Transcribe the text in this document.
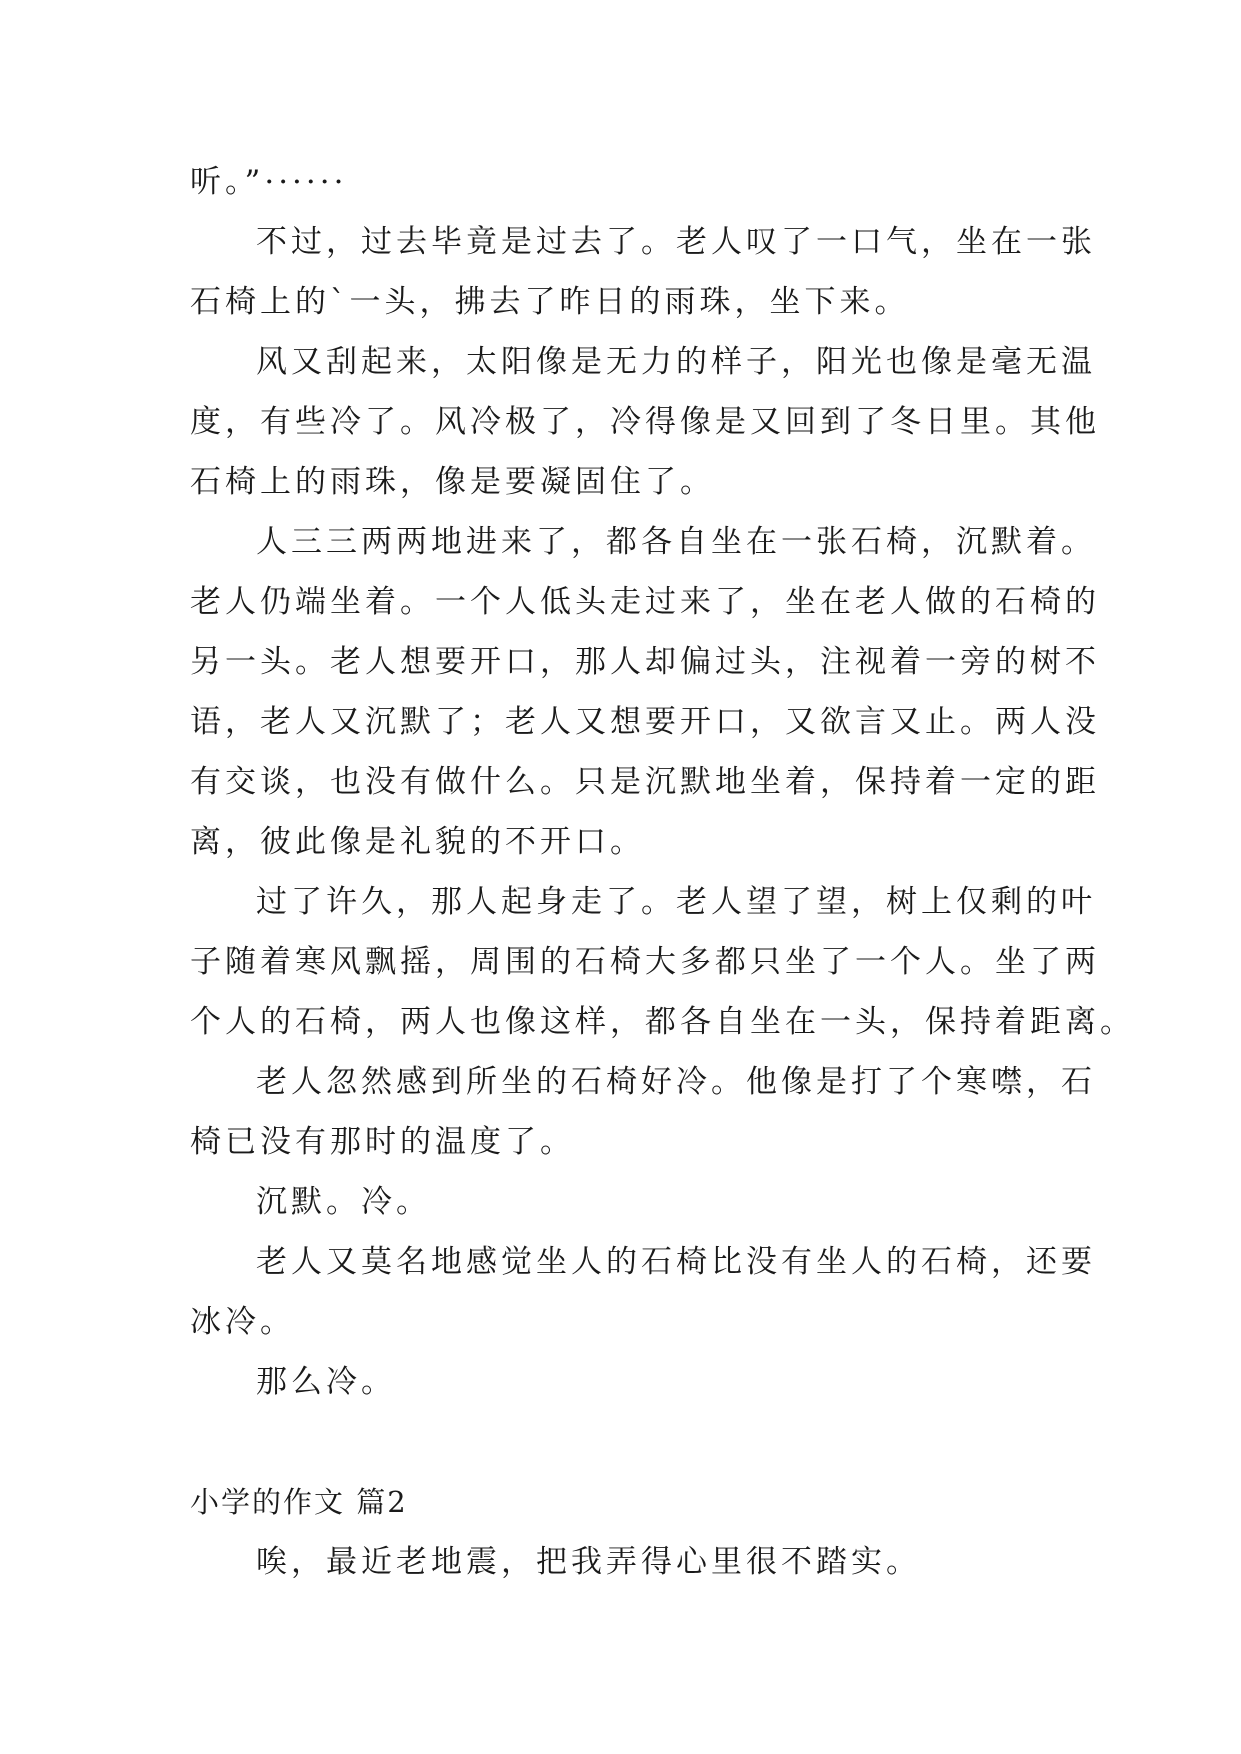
听。”······
不过，过去毕竟是过去了。老人叹了一口气，坐在一张
石椅上的`一头，拂去了昨日的雨珠，坐下来。
风又刮起来，太阳像是无力的样子，阳光也像是毫无温
度，有些冷了。风冷极了，冷得像是又回到了冬日里。其他
石椅上的雨珠，像是要凝固住了。
人三三两两地进来了，都各自坐在一张石椅，沉默着。
老人仍端坐着。一个人低头走过来了，坐在老人做的石椅的
另一头。老人想要开口，那人却偏过头，注视着一旁的树不
语，老人又沉默了；老人又想要开口，又欲言又止。两人没
有交谈，也没有做什么。只是沉默地坐着，保持着一定的距
离，彼此像是礼貌的不开口。
过了许久，那人起身走了。老人望了望，树上仅剩的叶
子随着寒风飘摇，周围的石椅大多都只坐了一个人。坐了两
个人的石椅，两人也像这样，都各自坐在一头，保持着距离。
老人忽然感到所坐的石椅好冷。他像是打了个寒噤，石
椅已没有那时的温度了。
沉默。冷。
老人又莫名地感觉坐人的石椅比没有坐人的石椅，还要
冰冷。
那么冷。
小学的作文 篇2
唉，最近老地震，把我弄得心里很不踏实。
